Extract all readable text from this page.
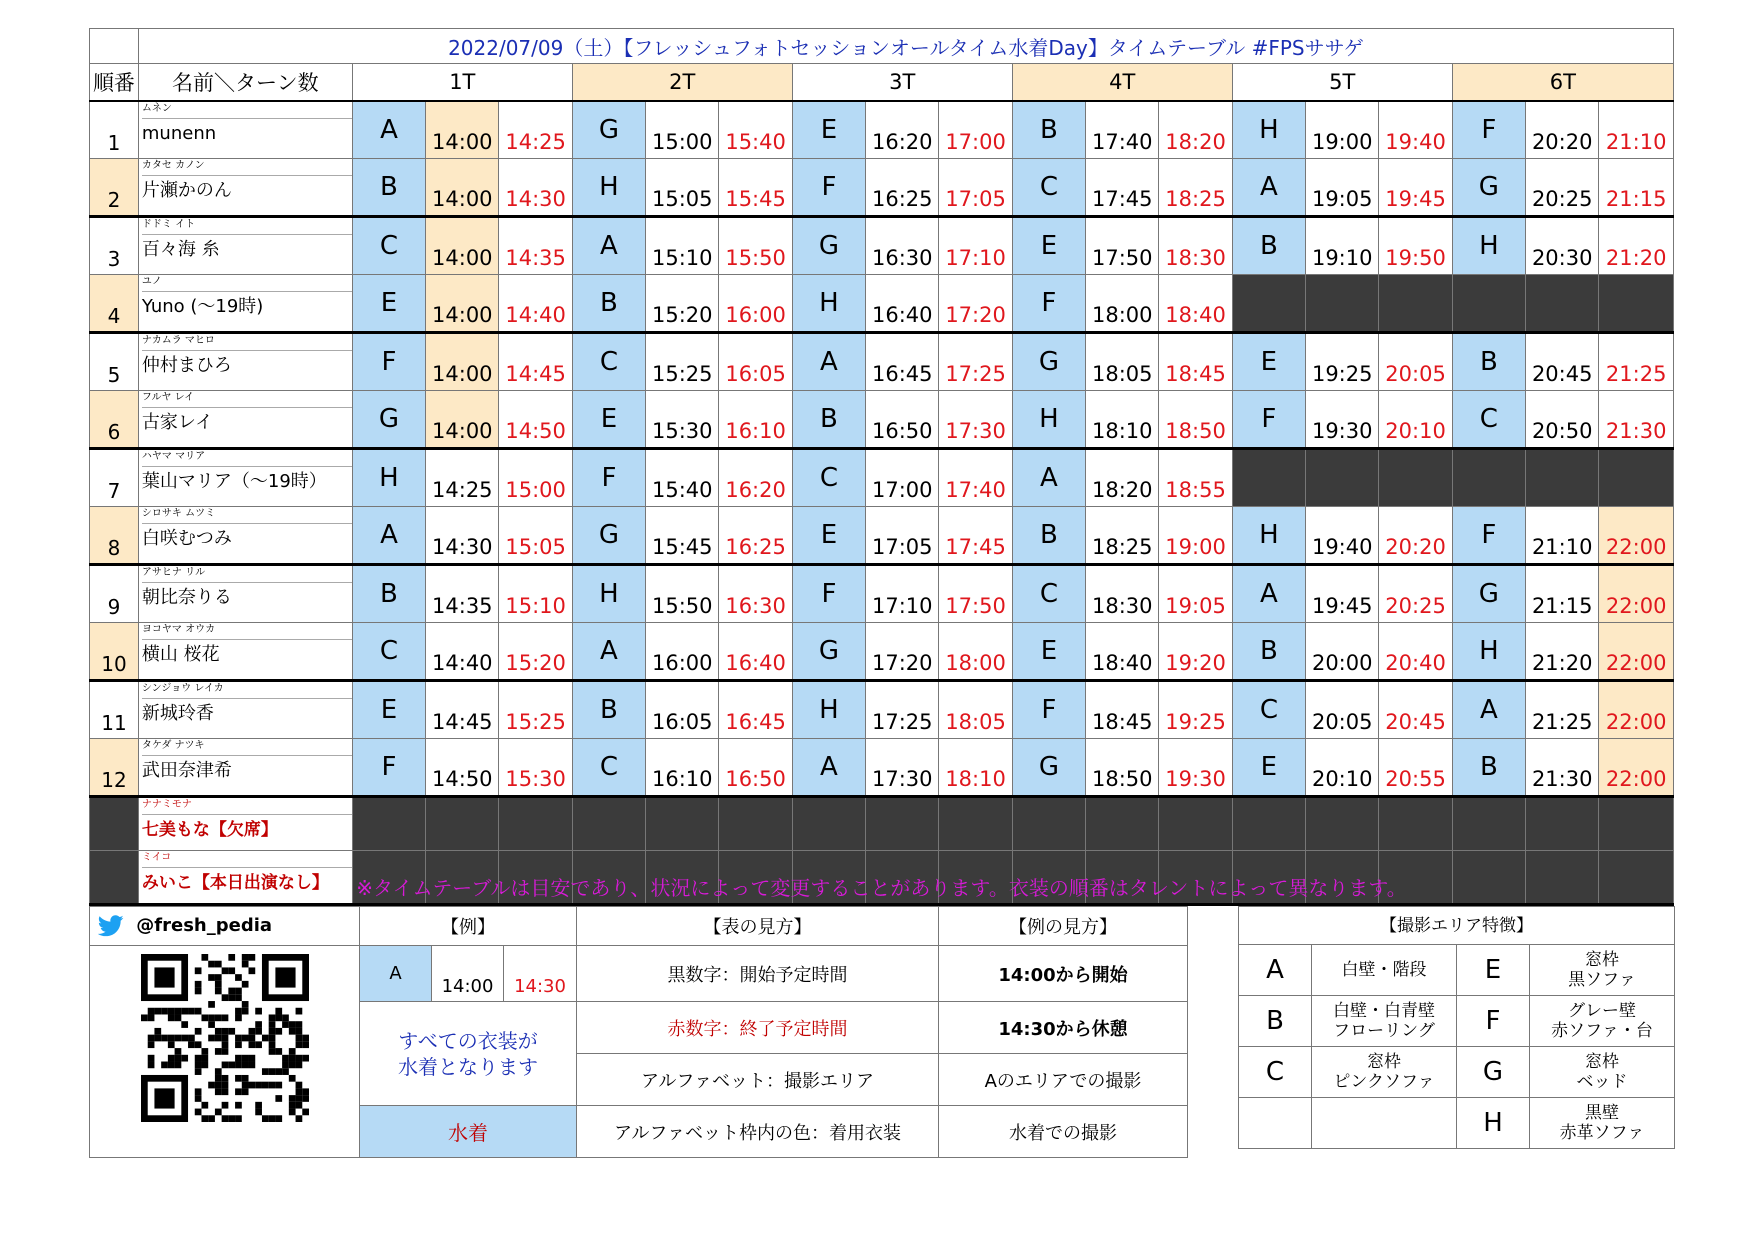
	2022/07/09（土）【フレッシュフォトセッションオールタイム水着Day】タイムテーブル #FPSササゲ																		
順番	名前＼ターン数	1T			2T			3T			4T			5T			6T		
1	ムネン
munenn	A	14:00	14:25	G	15:00	15:40	E	16:20	17:00	B	17:40	18:20	H	19:00	19:40	F	20:20	21:10
2	カタセ カノン
片瀬かのん	B	14:00	14:30	H	15:05	15:45	F	16:25	17:05	C	17:45	18:25	A	19:05	19:45	G	20:25	21:15
3	ドドミ イト
百々海 糸	C	14:00	14:35	A	15:10	15:50	G	16:30	17:10	E	17:50	18:30	B	19:10	19:50	H	20:30	21:20
4	ユノ
Yuno (～19時)	E	14:00	14:40	B	15:20	16:00	H	16:40	17:20	F	18:00	18:40						
5	ナカムラ マヒロ
仲村まひろ	F	14:00	14:45	C	15:25	16:05	A	16:45	17:25	G	18:05	18:45	E	19:25	20:05	B	20:45	21:25
6	フルヤ レイ
古家レイ	G	14:00	14:50	E	15:30	16:10	B	16:50	17:30	H	18:10	18:50	F	19:30	20:10	C	20:50	21:30
7	ハヤマ マリア
葉山マリア（～19時）	H	14:25	15:00	F	15:40	16:20	C	17:00	17:40	A	18:20	18:55						
8	シロサキ ムツミ
白咲むつみ	A	14:30	15:05	G	15:45	16:25	E	17:05	17:45	B	18:25	19:00	H	19:40	20:20	F	21:10	22:00
9	アサヒナ リル
朝比奈りる	B	14:35	15:10	H	15:50	16:30	F	17:10	17:50	C	18:30	19:05	A	19:45	20:25	G	21:15	22:00
10	ヨコヤマ オウカ
横山 桜花	C	14:40	15:20	A	16:00	16:40	G	17:20	18:00	E	18:40	19:20	B	20:00	20:40	H	21:20	22:00
11	シンジョウ レイカ
新城玲香	E	14:45	15:25	B	16:05	16:45	H	17:25	18:05	F	18:45	19:25	C	20:05	20:45	A	21:25	22:00
12	タケダ ナツキ
武田奈津希	F	14:50	15:30	C	16:10	16:50	A	17:30	18:10	G	18:50	19:30	E	20:10	20:55	B	21:30	22:00

	ナナミモナ
七美もな【欠席】																		

	ミイコ
みいこ【本日出演なし】																		
																			※タイムテーブルは目安であり、状況によって変更することがあります。衣装の順番はタレントによって異なります。
@fresh_pedia	【例】			【表の見方】	【例の見方】

	A	14:00	14:30	黒数字：開始予定時間	14:00から開始
	すべての衣装が
水着となります			赤数字：終了予定時間	14:30から休憩
				アルファベット：撮影エリア	Aのエリアでの撮影
	水着			アルファベット枠内の色：着用衣装	水着での撮影
【撮影エリア特徴】			
A	白壁・階段	E	窓枠
黒ソファ
B	白壁・白青壁
フローリング	F	グレー壁
赤ソファ・台
C	窓枠
ピンクソファ	G	窓枠
ベッド
		H	黒壁
赤革ソファ
